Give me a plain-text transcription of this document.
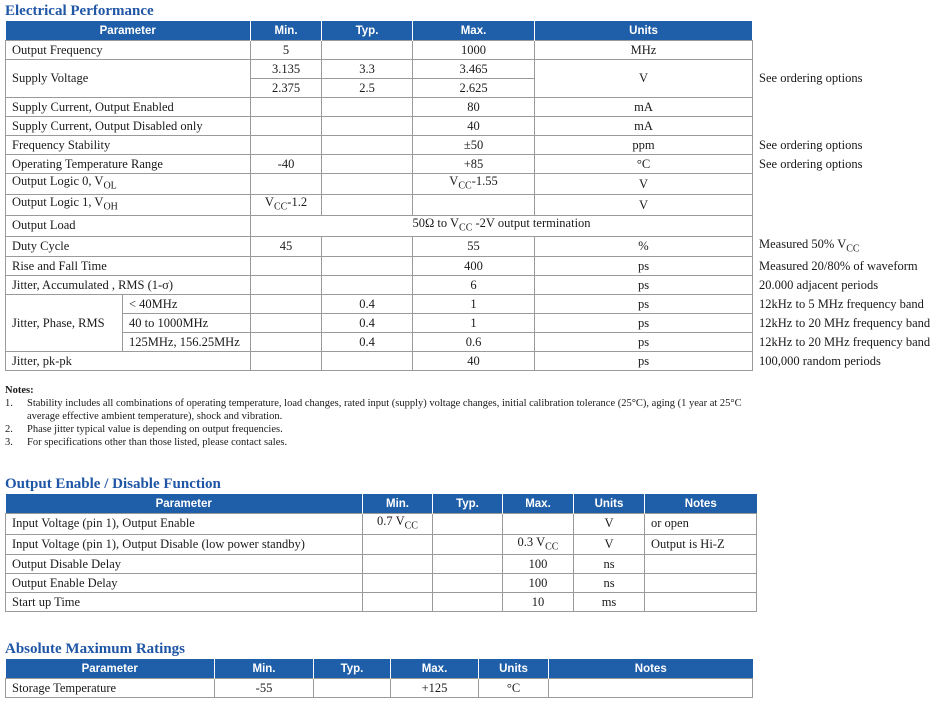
Electrical Performance
Parameter		Min.	Typ.	Max.	Units	Notes
Output Frequency		5		1000	MHz	
Supply Voltage		3.135	3.3	3.465	V	See ordering options
		2.375	2.5	2.625		
Supply Current, Output Enabled				80	mA	
Supply Current, Output Disabled only				40	mA	
Frequency Stability				±50	ppm	See ordering options
Operating Temperature Range		-40		+85	°C	See ordering options
Output Logic 0, $V_{OL}$				$V_{CC}-1.55$	V	
Output Logic 1, $V_{OH}$		$V_{CC}-1.2$			V	
Output Load		50Ω to $V_{CC}$ -2V output termination				
Duty Cycle		45		55	%	Measured 50% $V_{CC}$
Rise and Fall Time				400	ps	Measured 20/80% of waveform
Jitter, Accumulated , RMS (1-σ)				6	ps	20.000 adjacent periods
Jitter, Phase, RMS	< 40MHz		0.4	1	ps	12kHz to 5 MHz frequency band
	40 to 1000MHz		0.4	1	ps	12kHz to 20 MHz frequency band
	125MHz, 156.25MHz		0.4	0.6	ps	12kHz to 20 MHz frequency band
Jitter, pk-pk				40	ps	100,000 random periods
Notes:
1.	Stability includes all combinations of operating temperature, load changes, rated input (supply) voltage changes, initial calibration tolerance (25°C), aging (1 year at 25°C average effective ambient temperature), shock and vibration.
2.	Phase jitter typical value is depending on output frequencies.
3.	For specifications other than those listed, please contact sales.
Output Enable / Disable Function
Parameter	Min.	Typ.	Max.	Units	Notes
Input Voltage (pin 1), Output Enable	0.7 $V_{CC}$			V	or open
Input Voltage (pin 1), Output Disable (low power standby)			0.3 $V_{CC}$	V	Output is Hi-Z
Output Disable Delay			100	ns	
Output Enable Delay			100	ns	
Start up Time			10	ms	
Absolute Maximum Ratings
Parameter	Min.	Typ.	Max.	Units	Notes
Storage Temperature	-55		+125	°C	
